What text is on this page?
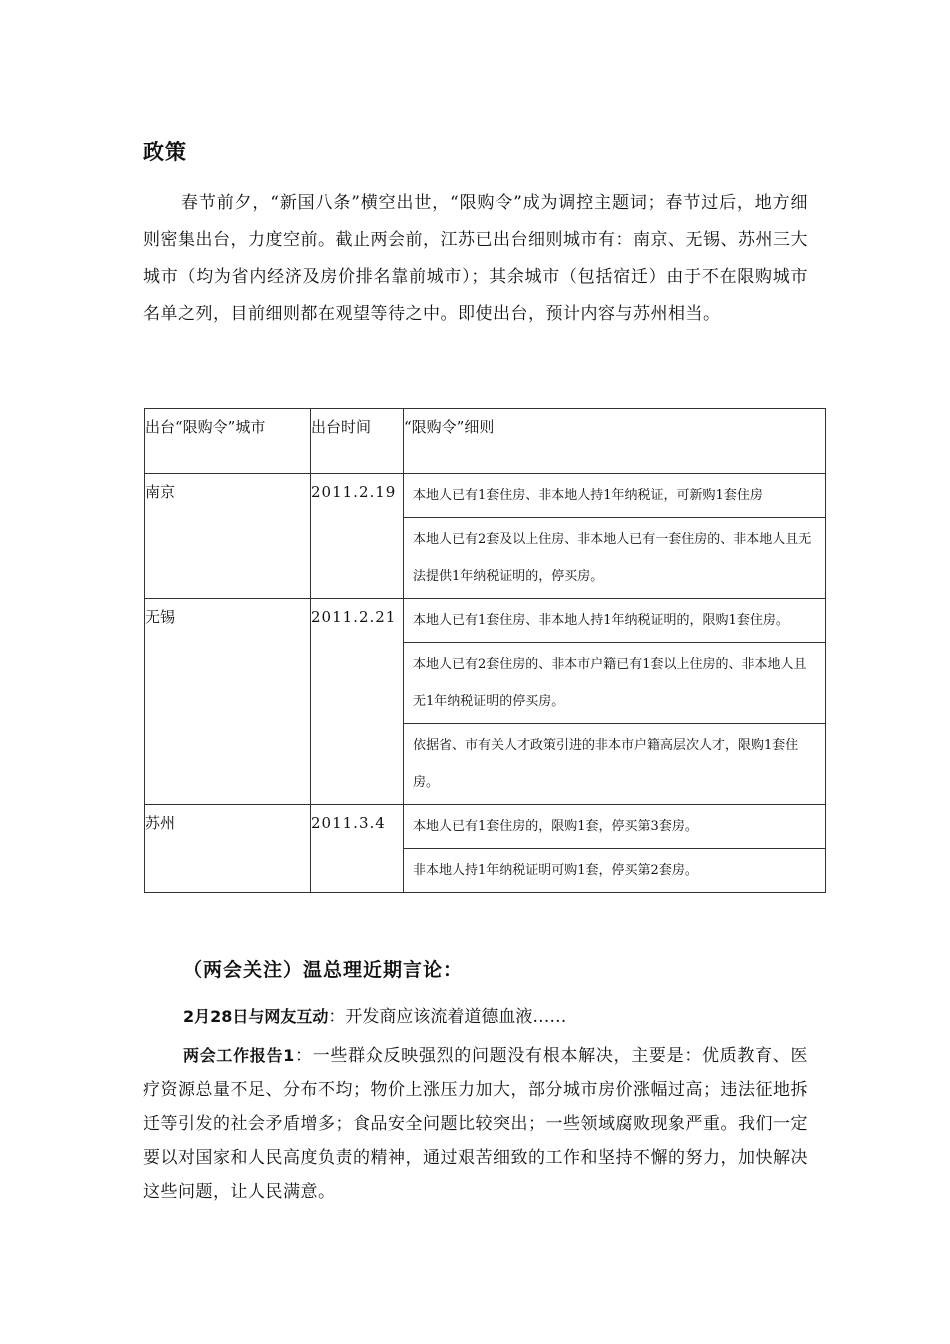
政策
春节前夕，“新国八条”横空出世，“限购令”成为调控主题词；春节过后，地方细则密集出台，力度空前。截止两会前，江苏已出台细则城市有：南京、无锡、苏州三大城市（均为省内经济及房价排名靠前城市）；其余城市（包括宿迁）由于不在限购城市名单之列，目前细则都在观望等待之中。即使出台，预计内容与苏州相当。
出台“限购令”城市	出台时间	“限购令”细则
南京	2011.2.19	本地人已有1套住房、非本地人持1年纳税证，可新购1套住房
本地人已有2套及以上住房、非本地人已有一套住房的、非本地人且无法提供1年纳税证明的，停买房。

无锡	2011.2.21	本地人已有1套住房、非本地人持1年纳税证明的，限购1套住房。
本地人已有2套住房的、非本市户籍已有1套以上住房的、非本地人且无1年纳税证明的停买房。
依据省、市有关人才政策引进的非本市户籍高层次人才，限购1套住房。

苏州	2011.3.4	本地人已有1套住房的，限购1套，停买第3套房。
非本地人持1年纳税证明可购1套，停买第2套房。
（两会关注）温总理近期言论：
2月28日与网友互动：开发商应该流着道德血液……
两会工作报告1：一些群众反映强烈的问题没有根本解决，主要是：优质教育、医疗资源总量不足、分布不均；物价上涨压力加大，部分城市房价涨幅过高；违法征地拆迁等引发的社会矛盾增多；食品安全问题比较突出；一些领域腐败现象严重。我们一定要以对国家和人民高度负责的精神，通过艰苦细致的工作和坚持不懈的努力，加快解决这些问题，让人民满意。
